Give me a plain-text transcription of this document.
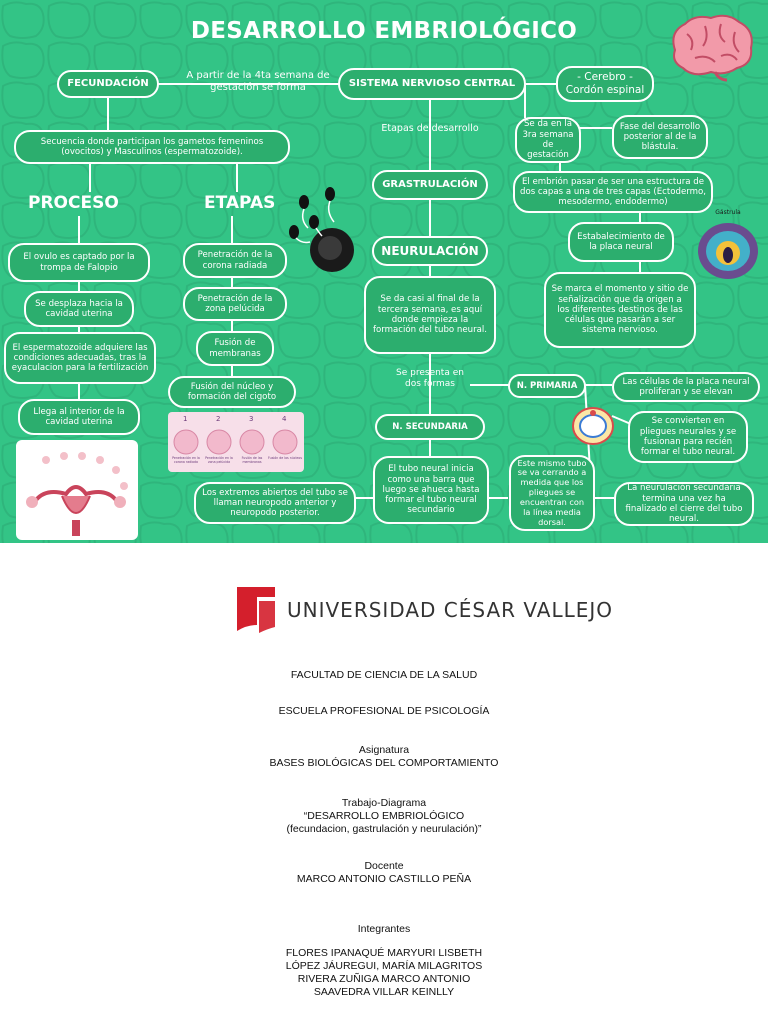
DESARROLLO EMBRIOLÓGICO
FECUNDACIÓN
A partir de la 4ta semana de gestación se forma	SISTEMA NERVIOSO CENTRAL
- Cerebro -Cordón espinal
Secuencia donde participan los gametos femeninos (ovocitos) y Masculinos (espermatozoide).
PROCESO	ETAPAS
El ovulo es captado por la trompa de Falopio
Se desplaza hacia la cavidad uterina
El espermatozoide adquiere las condiciones adecuadas, tras la eyaculacion para la fertilización
Llega al interior de la cavidad uterina
Penetración de la corona radiada
Penetración de la zona pelúcida
Fusión de membranas
Fusión del núcleo y formación del cigoto
1	2	3	4
Penetración en la corona radiada
Penetración en la zona pelúcida
Fusión de las membranas
Fusión de los núcleos
Etapas de desarrollo
GRASTRULACIÓN
NEURULACIÓN
Se da casi al final de la tercera semana, es aquí donde empieza la formación del tubo neural.
Se presenta en dos formas	N. PRIMARIA
N. SECUNDARIA
El tubo neural inicia como una barra que luego se ahueca hasta formar el tubo neural secundario
Los extremos abiertos del tubo se llaman neuropodo anterior y neuropodo posterior.
Se da en la 3ra semana de gestación
Fase del desarrollo posterior al de la blástula.
El embrión pasar de ser una estructura de dos capas a una de tres capas (Ectodermo, mesodermo, endodermo)
Estabalecimiento de la placa neural
Se marca el momento y sitio de señalización que da origen a los diferentes destinos de las células que pasarán a ser sistema nervioso.
Gástrula
Las células de la placa neural proliferan y se elevan
Se convierten en pliegues neurales y se fusionan para recién formar el tubo neural.
Este mismo tubo se va cerrando a medida que los pliegues se encuentran con la línea media dorsal.
La neurulación secundaria termina una vez ha finalizado el cierre del tubo neural.
UNIVERSIDAD CÉSAR VALLEJO
FACULTAD DE CIENCIA DE LA SALUD
ESCUELA PROFESIONAL DE PSICOLOGÍA
Asignatura
BASES BIOLÓGICAS DEL COMPORTAMIENTO
Trabajo-Diagrama
“DESARROLLO EMBRIOLÓGICO
(fecundacion, gastrulación y neurulación)”
Docente
MARCO ANTONIO CASTILLO PEÑA
Integrantes
FLORES IPANAQUÉ MARYURI LISBETH
LÓPEZ JÁUREGUI, MARÍA MILAGRITOS
RIVERA ZUÑIGA MARCO ANTONIO
SAAVEDRA VILLAR KEINLLY
